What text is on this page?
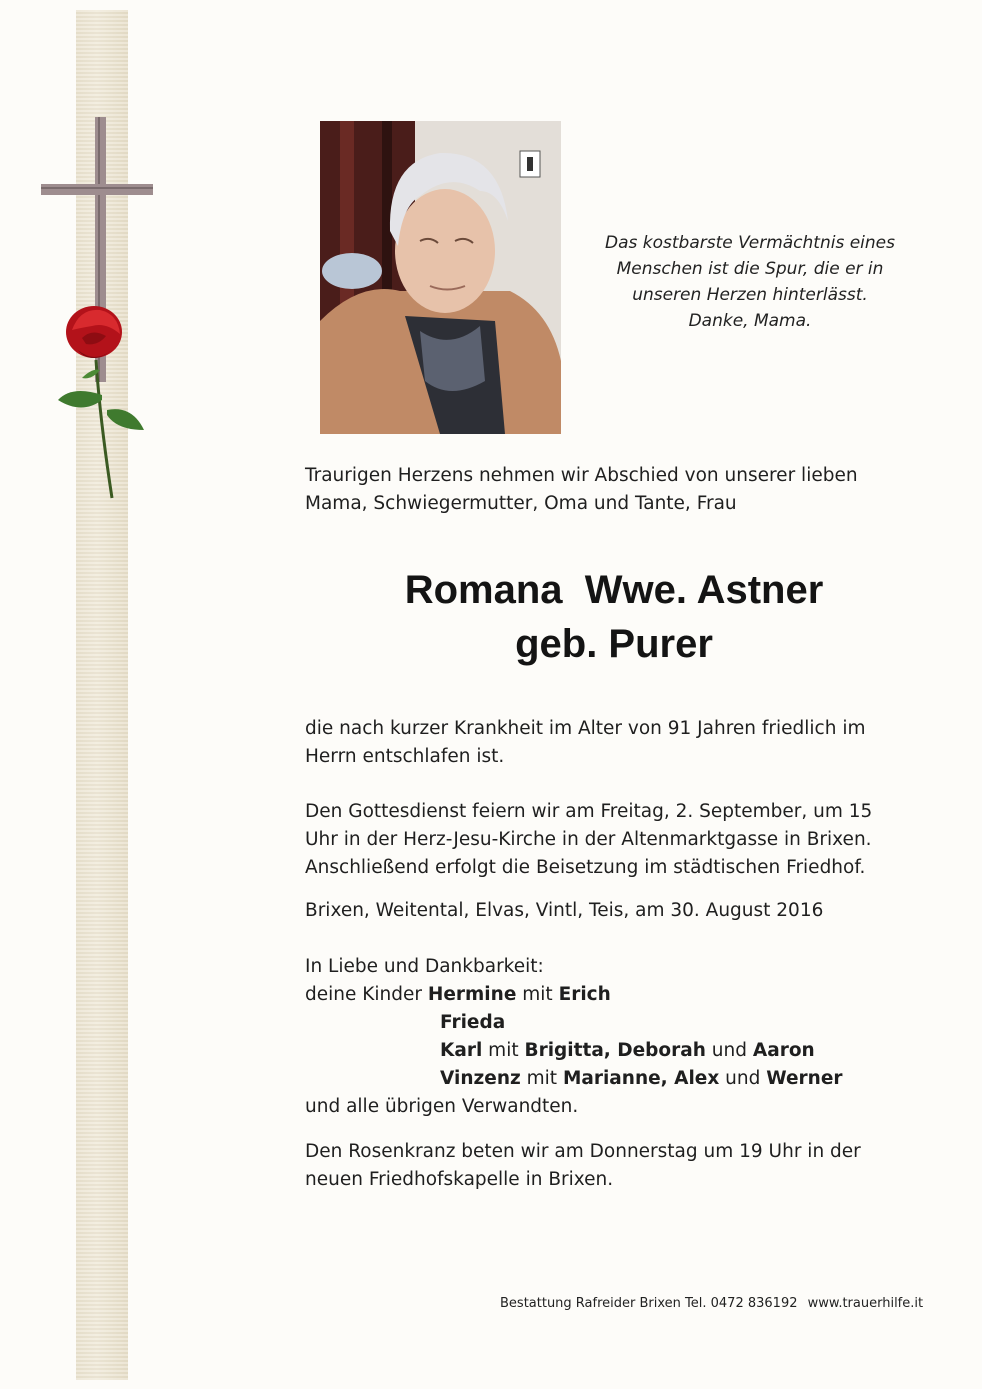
Das kostbarste Vermächtnis eines
Menschen ist die Spur, die er in
unseren Herzen hinterlässt.
Danke, Mama.
Traurigen Herzens nehmen wir Abschied von unserer lieben
Mama, Schwiegermutter, Oma und Tante, Frau
Romana  Wwe. Astner
geb. Purer
die nach kurzer Krankheit im Alter von 91 Jahren friedlich im
Herrn entschlafen ist.
Den Gottesdienst feiern wir am Freitag, 2. September, um 15
Uhr in der Herz-Jesu-Kirche in der Altenmarktgasse in Brixen.
Anschließend erfolgt die Beisetzung im städtischen Friedhof.
Brixen, Weitental, Elvas, Vintl, Teis, am 30. August 2016
In Liebe und Dankbarkeit:
deine Kinder Hermine mit Erich
Frieda
Karl mit Brigitta, Deborah und Aaron
Vinzenz mit Marianne, Alex und Werner
und alle übrigen Verwandten.
Den Rosenkranz beten wir am Donnerstag um 19 Uhr in der
neuen Friedhofskapelle in Brixen.
Bestattung Rafreider Brixen Tel. 0472 836192 www.trauerhilfe.it
